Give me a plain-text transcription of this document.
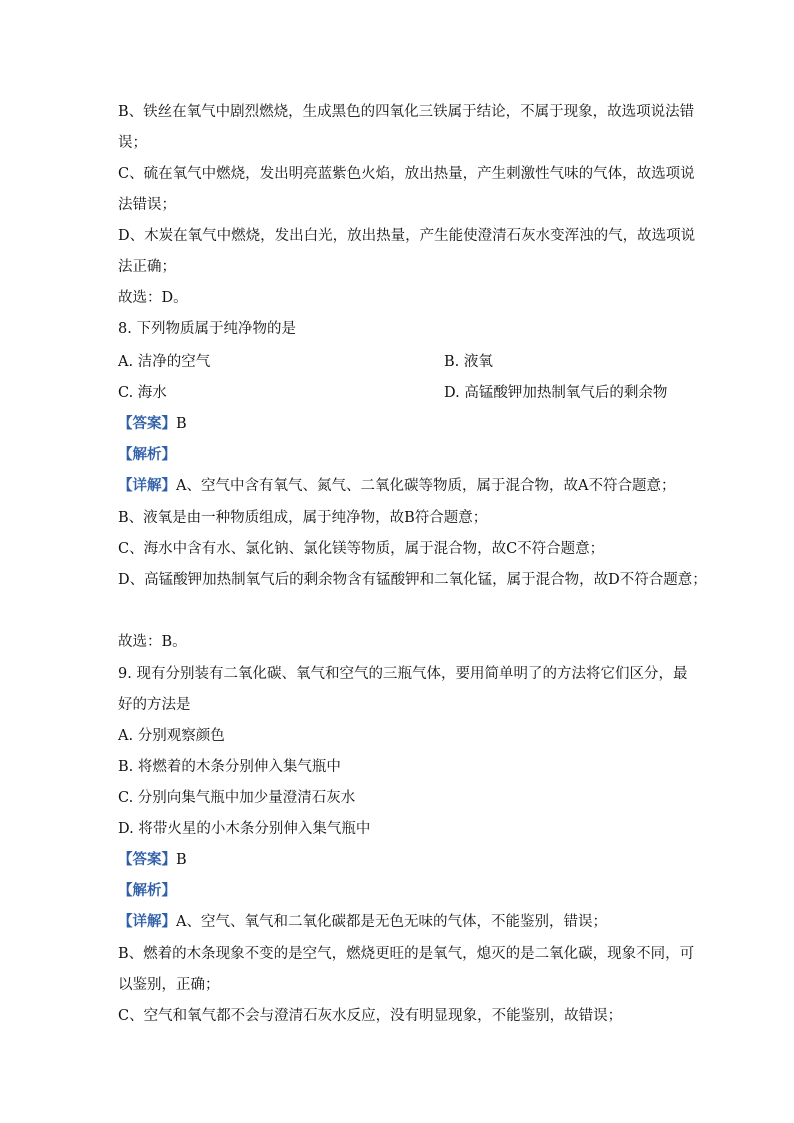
B、铁丝在氧气中剧烈燃烧，生成黑色的四氧化三铁属于结论，不属于现象，故选项说法错
误；
C、硫在氧气中燃烧，发出明亮蓝紫色火焰，放出热量，产生刺激性气味的气体，故选项说
法错误；
D、木炭在氧气中燃烧，发出白光，放出热量，产生能使澄清石灰水变浑浊的气，故选项说
法正确；
故选：D。
8. 下列物质属于纯净物的是
A. 洁净的空气	B. 液氧
C. 海水	D. 高锰酸钾加热制氧气后的剩余物
【答案】B
【解析】
【详解】A、空气中含有氧气、氮气、二氧化碳等物质，属于混合物，故A不符合题意；
B、液氧是由一种物质组成，属于纯净物，故B符合题意；
C、海水中含有水、氯化钠、氯化镁等物质，属于混合物，故C不符合题意；
D、高锰酸钾加热制氧气后的剩余物含有锰酸钾和二氧化锰，属于混合物，故D不符合题意；
故选：B。
9. 现有分别装有二氧化碳、氧气和空气的三瓶气体，要用简单明了的方法将它们区分，最
好的方法是
A. 分别观察颜色
B. 将燃着的木条分别伸入集气瓶中
C. 分别向集气瓶中加少量澄清石灰水
D. 将带火星的小木条分别伸入集气瓶中
【答案】B
【解析】
【详解】A、空气、氧气和二氧化碳都是无色无味的气体，不能鉴别，错误；
B、燃着的木条现象不变的是空气，燃烧更旺的是氧气，熄灭的是二氧化碳，现象不同，可
以鉴别，正确；
C、空气和氧气都不会与澄清石灰水反应，没有明显现象，不能鉴别，故错误；
